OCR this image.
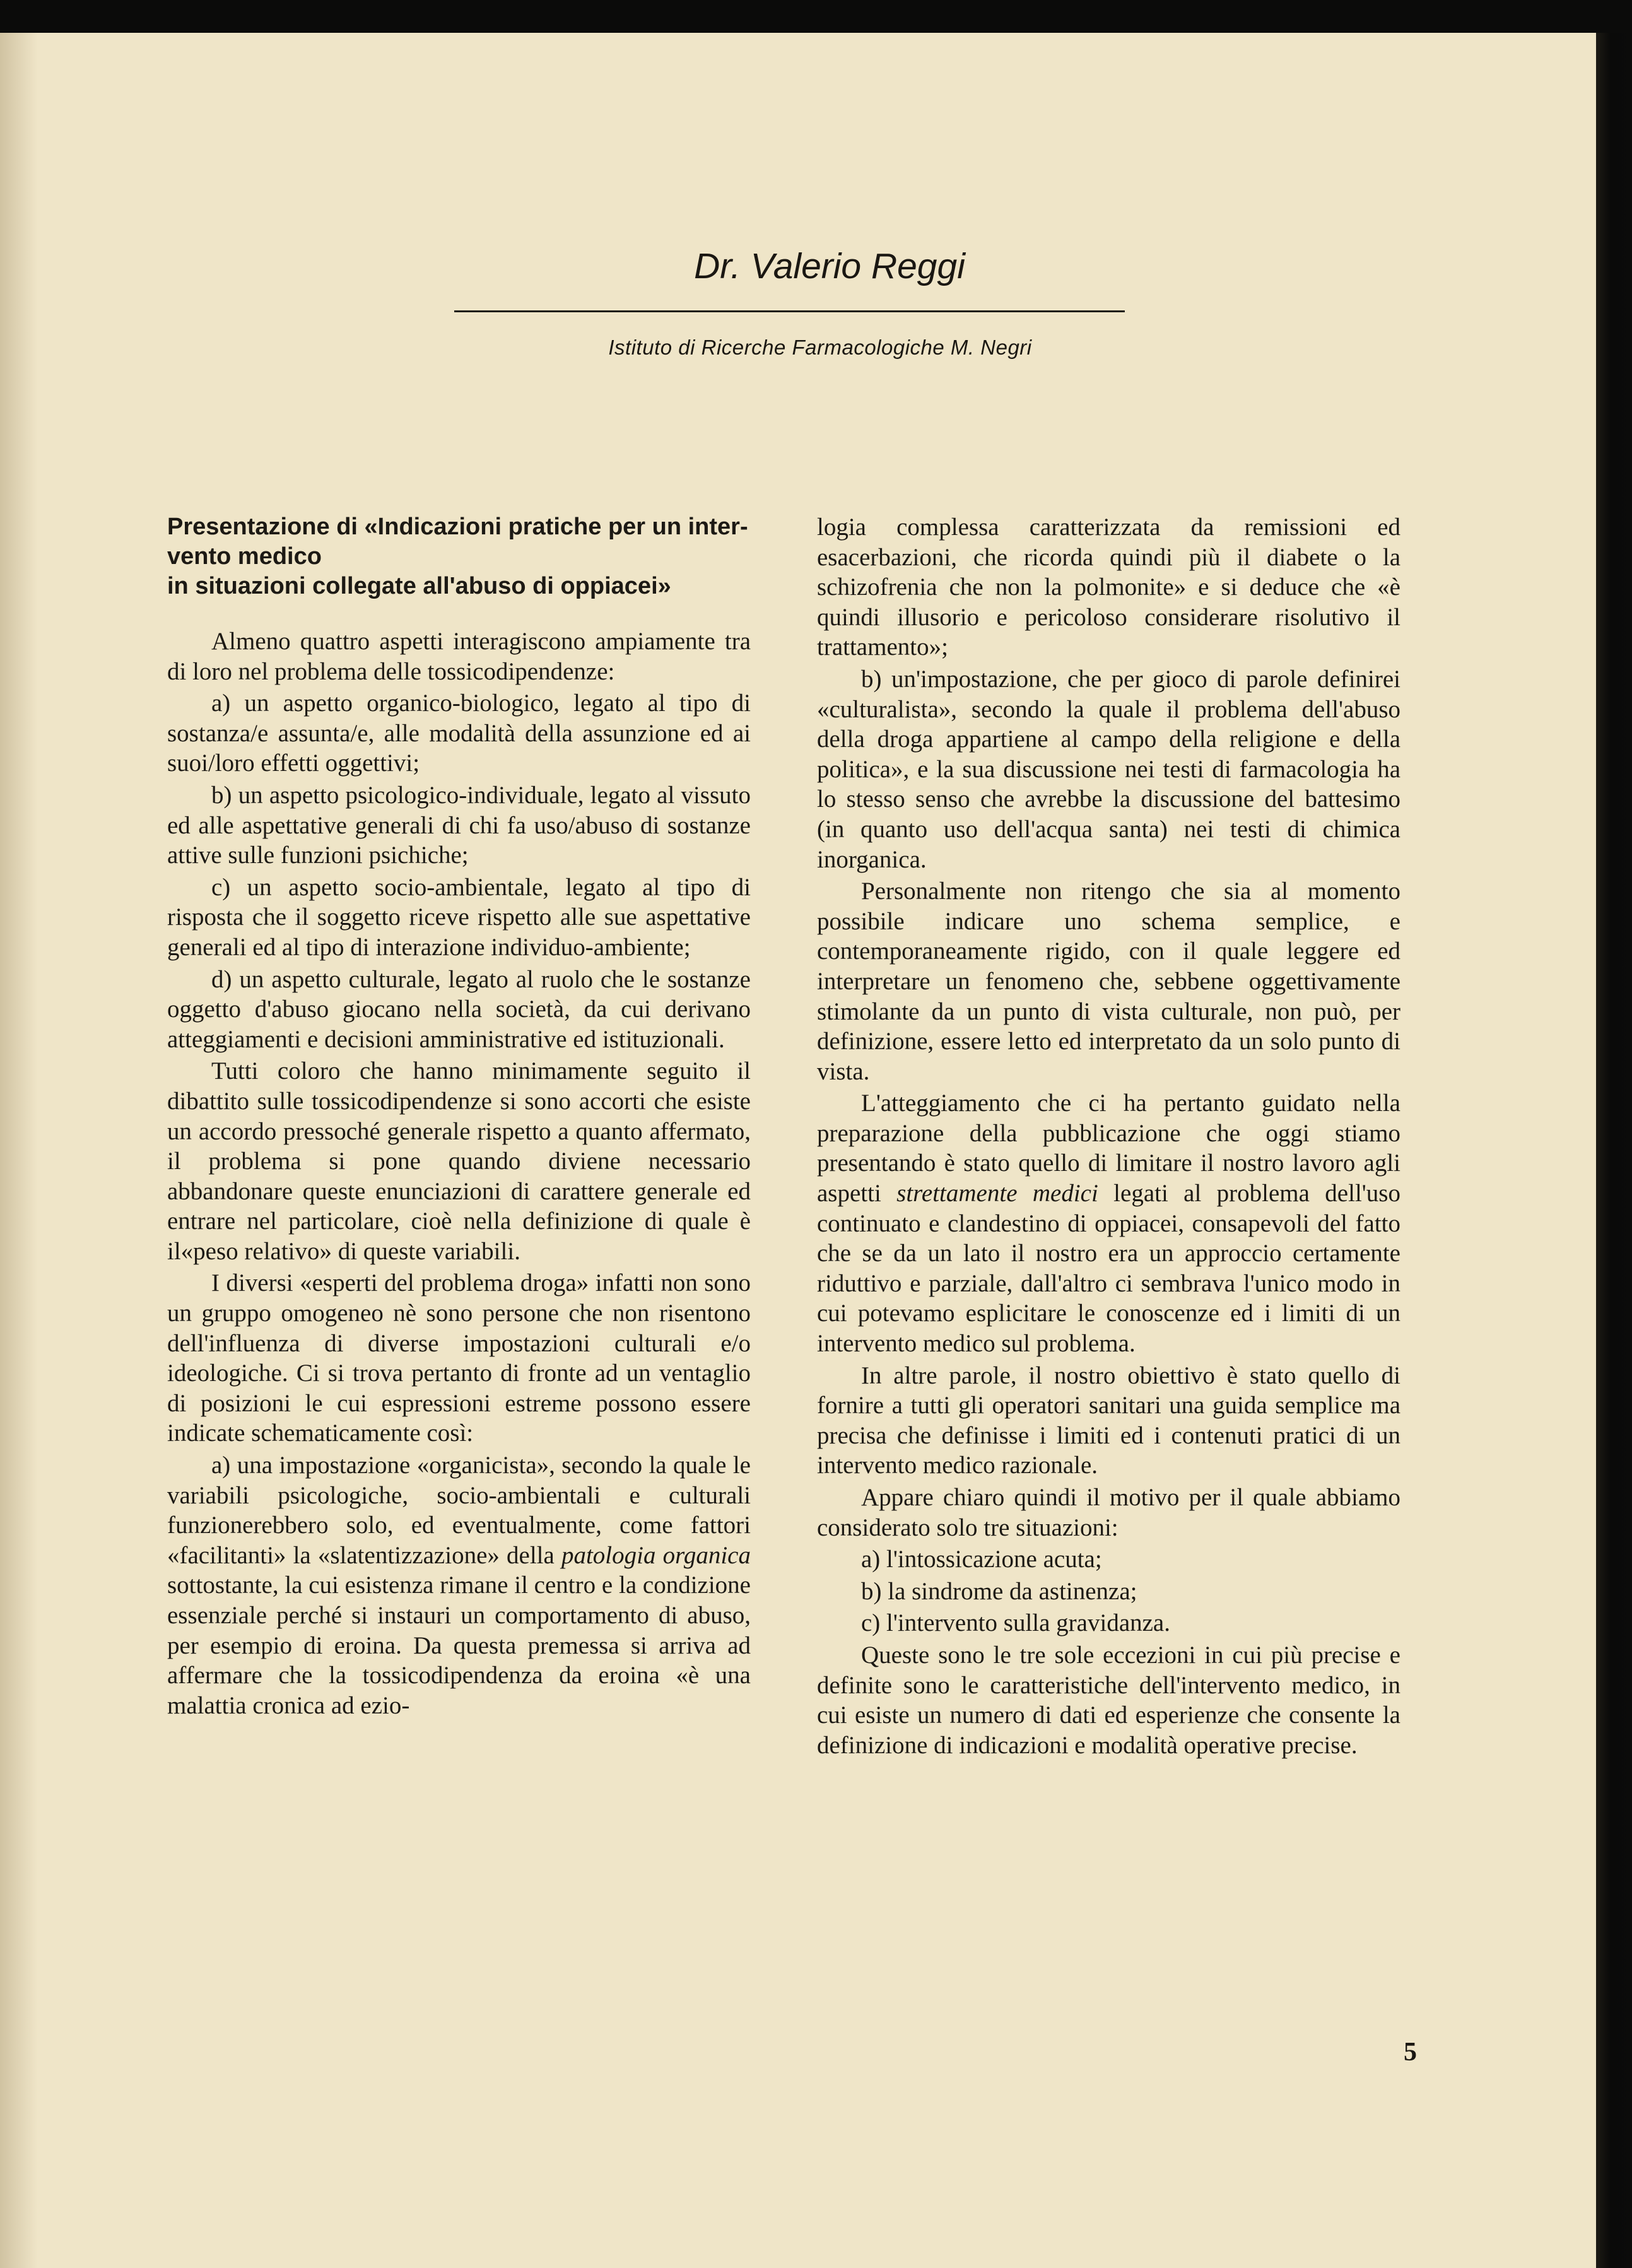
Dr. Valerio Reggi
Istituto di Ricerche Farmacologiche M. Negri
Presentazione di «Indicazioni pratiche per un inter-
vento medico
in situazioni collegate all'abuso di oppiacei»

Almeno quattro aspetti interagiscono ampiamente tra di loro nel problema delle tossicodipendenze:

a) un aspetto organico-biologico, legato al tipo di sostanza/e assunta/e, alle modalità della assunzione ed ai suoi/loro effetti oggettivi;

b) un aspetto psicologico-individuale, legato al vissuto ed alle aspettative generali di chi fa uso/abuso di sostanze attive sulle funzioni psichiche;

c) un aspetto socio-ambientale, legato al tipo di risposta che il soggetto riceve rispetto alle sue aspettative generali ed al tipo di interazione individuo-ambiente;

d) un aspetto culturale, legato al ruolo che le sostanze oggetto d'abuso giocano nella società, da cui derivano atteggiamenti e decisioni amministrative ed istituzionali.

Tutti coloro che hanno minimamente seguito il dibattito sulle tossicodipendenze si sono accorti che esiste un accordo pressoché generale rispetto a quanto affermato, il problema si pone quando diviene necessario abbandonare queste enunciazioni di carattere generale ed entrare nel particolare, cioè nella definizione di quale è il«peso relativo» di queste variabili.

I diversi «esperti del problema droga» infatti non sono un gruppo omogeneo nè sono persone che non risentono dell'influenza di diverse impostazioni culturali e/o ideologiche. Ci si trova pertanto di fronte ad un ventaglio di posizioni le cui espressioni estreme possono essere indicate schematicamente così:

a) una impostazione «organicista», secondo la quale le variabili psicologiche, socio-ambientali e culturali funzionerebbero solo, ed eventualmente, come fattori «facilitanti» la «slatentizzazione» della patologia organica sottostante, la cui esistenza rimane il centro e la condizione essenziale perché si instauri un comportamento di abuso, per esempio di eroina. Da questa premessa si arriva ad affermare che la tossicodipendenza da eroina «è una malattia cronica ad ezio-

logia complessa caratterizzata da remissioni ed esacerbazioni, che ricorda quindi più il diabete o la schizofrenia che non la polmonite» e si deduce che «è quindi illusorio e pericoloso considerare risolutivo il trattamento»;

b) un'impostazione, che per gioco di parole definirei «culturalista», secondo la quale il problema dell'abuso della droga appartiene al campo della religione e della politica», e la sua discussione nei testi di farmacologia ha lo stesso senso che avrebbe la discussione del battesimo (in quanto uso dell'acqua santa) nei testi di chimica inorganica.

Personalmente non ritengo che sia al momento possibile indicare uno schema semplice, e contemporaneamente rigido, con il quale leggere ed interpretare un fenomeno che, sebbene oggettivamente stimolante da un punto di vista culturale, non può, per definizione, essere letto ed interpretato da un solo punto di vista.

L'atteggiamento che ci ha pertanto guidato nella preparazione della pubblicazione che oggi stiamo presentando è stato quello di limitare il nostro lavoro agli aspetti strettamente medici legati al problema dell'uso continuato e clandestino di oppiacei, consapevoli del fatto che se da un lato il nostro era un approccio certamente riduttivo e parziale, dall'altro ci sembrava l'unico modo in cui potevamo esplicitare le conoscenze ed i limiti di un intervento medico sul problema.

In altre parole, il nostro obiettivo è stato quello di fornire a tutti gli operatori sanitari una guida semplice ma precisa che definisse i limiti ed i contenuti pratici di un intervento medico razionale.

Appare chiaro quindi il motivo per il quale abbiamo considerato solo tre situazioni:

a) l'intossicazione acuta;

b) la sindrome da astinenza;

c) l'intervento sulla gravidanza.

Queste sono le tre sole eccezioni in cui più precise e definite sono le caratteristiche dell'intervento medico, in cui esiste un numero di dati ed esperienze che consente la definizione di indicazioni e modalità operative precise.

5
